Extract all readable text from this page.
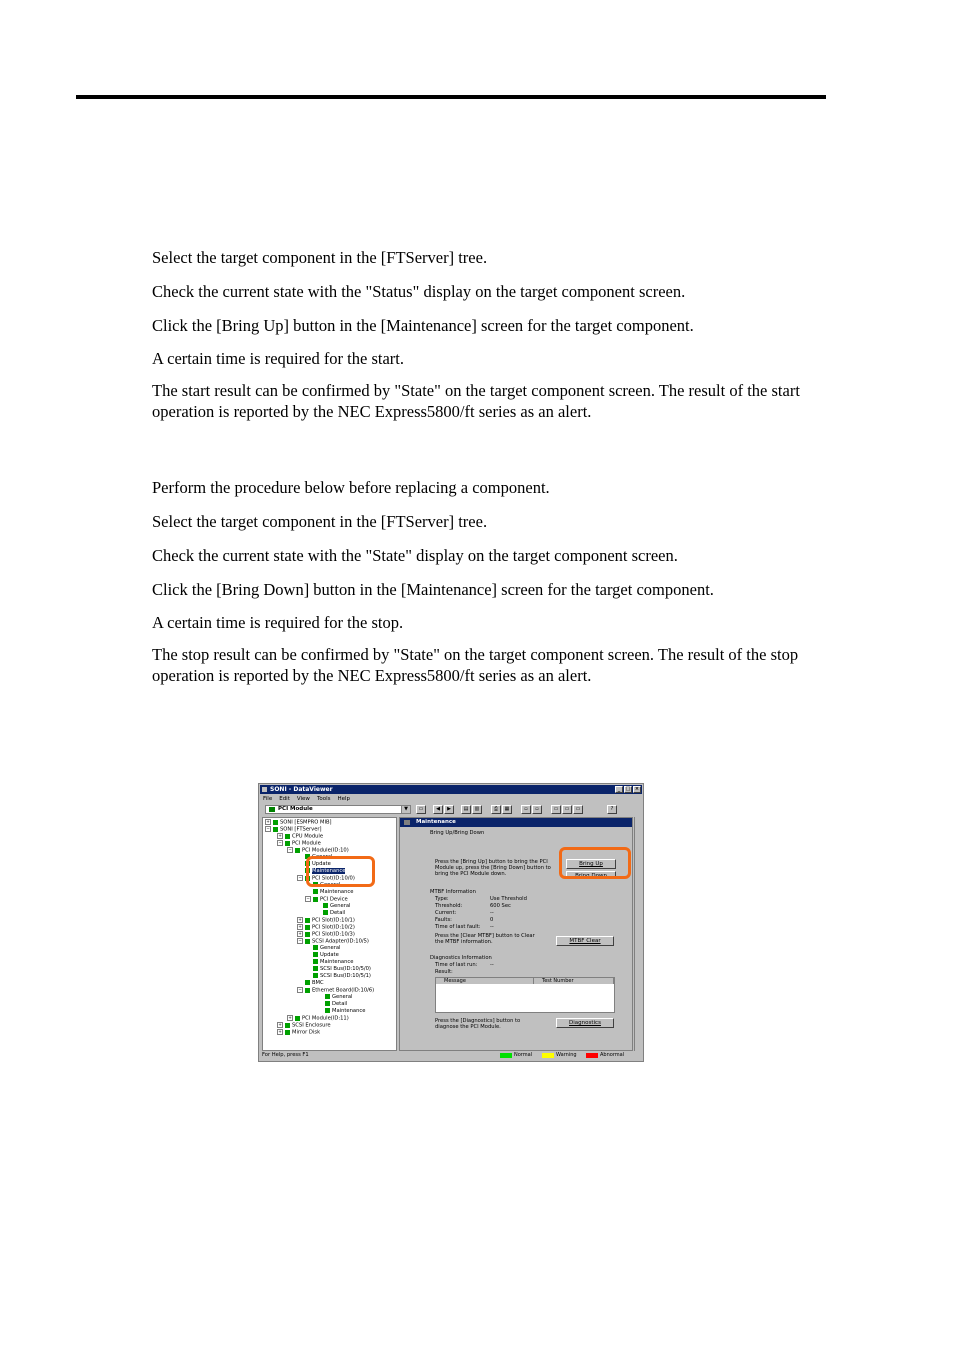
Select the target component in the [FTServer] tree.

Check the current state with the "Status" display on the target component screen.

Click the [Bring Up] button in the [Maintenance] screen for the target component.

A certain time is required for the start.

The start result can be confirmed by "State" on the target component screen. The result of the start operation is reported by the NEC Express5800/ft series as an alert.

Perform the procedure below before replacing a component.

Select the target component in the [FTServer] tree.

Check the current state with the "State" display on the target component screen.

Click the [Bring Down] button in the [Maintenance] screen for the target component.

A certain time is required for the stop.

The stop result can be confirmed by "State" on the target component screen. The result of the stop operation is reported by the NEC Express5800/ft series as an alert.

SONI - DataViewer	_	□ ×
File Edit View Tools Help
PCI Module	▼	▭	◀	▶	▤	▥	⎙	▦	▫	▫	▭	▭	▭	?
+ SONI [ESMPRO MIB]
− SONI [FTServer]
+ CPU Module
− PCI Module
− PCI Module(ID:10)
General
Update
Maintenance
− PCI Slot(ID:10/0)
General
Maintenance
− PCI Device
General
Detail
+ PCI Slot(ID:10/1)
+ PCI Slot(ID:10/2)
+ PCI Slot(ID:10/3)
− SCSI Adapter(ID:10/5)
General
Update
Maintenance
SCSI Bus(ID:10/5/0)
SCSI Bus(ID:10/5/1)
BMC
− Ethernet Board(ID:10/6)
General
Detail
Maintenance
+ PCI Module(ID:11)
+ SCSI Enclosure
+ Mirror Disk
Maintenance
Bring Up/Bring Down
Press the [Bring Up] button to bring the PCI
Module up, press the [Bring Down] button to
bring the PCI Module down.
Bring Up
Bring Down
MTBF Information
Type:	Use Threshold
Threshold:	600 Sec
Current:	--
Faults:	0
Time of last fault: --
Press the [Clear MTBF] button to Clear
the MTBF information.	MTBF Clear
Diagnostics Information
Time of last run: --
Result:
Message	Test Number
Press the [Diagnostics] button to
diagnose the PCI Module.
Diagnostics
For Help, press F1	Normal	Warning	Abnormal
